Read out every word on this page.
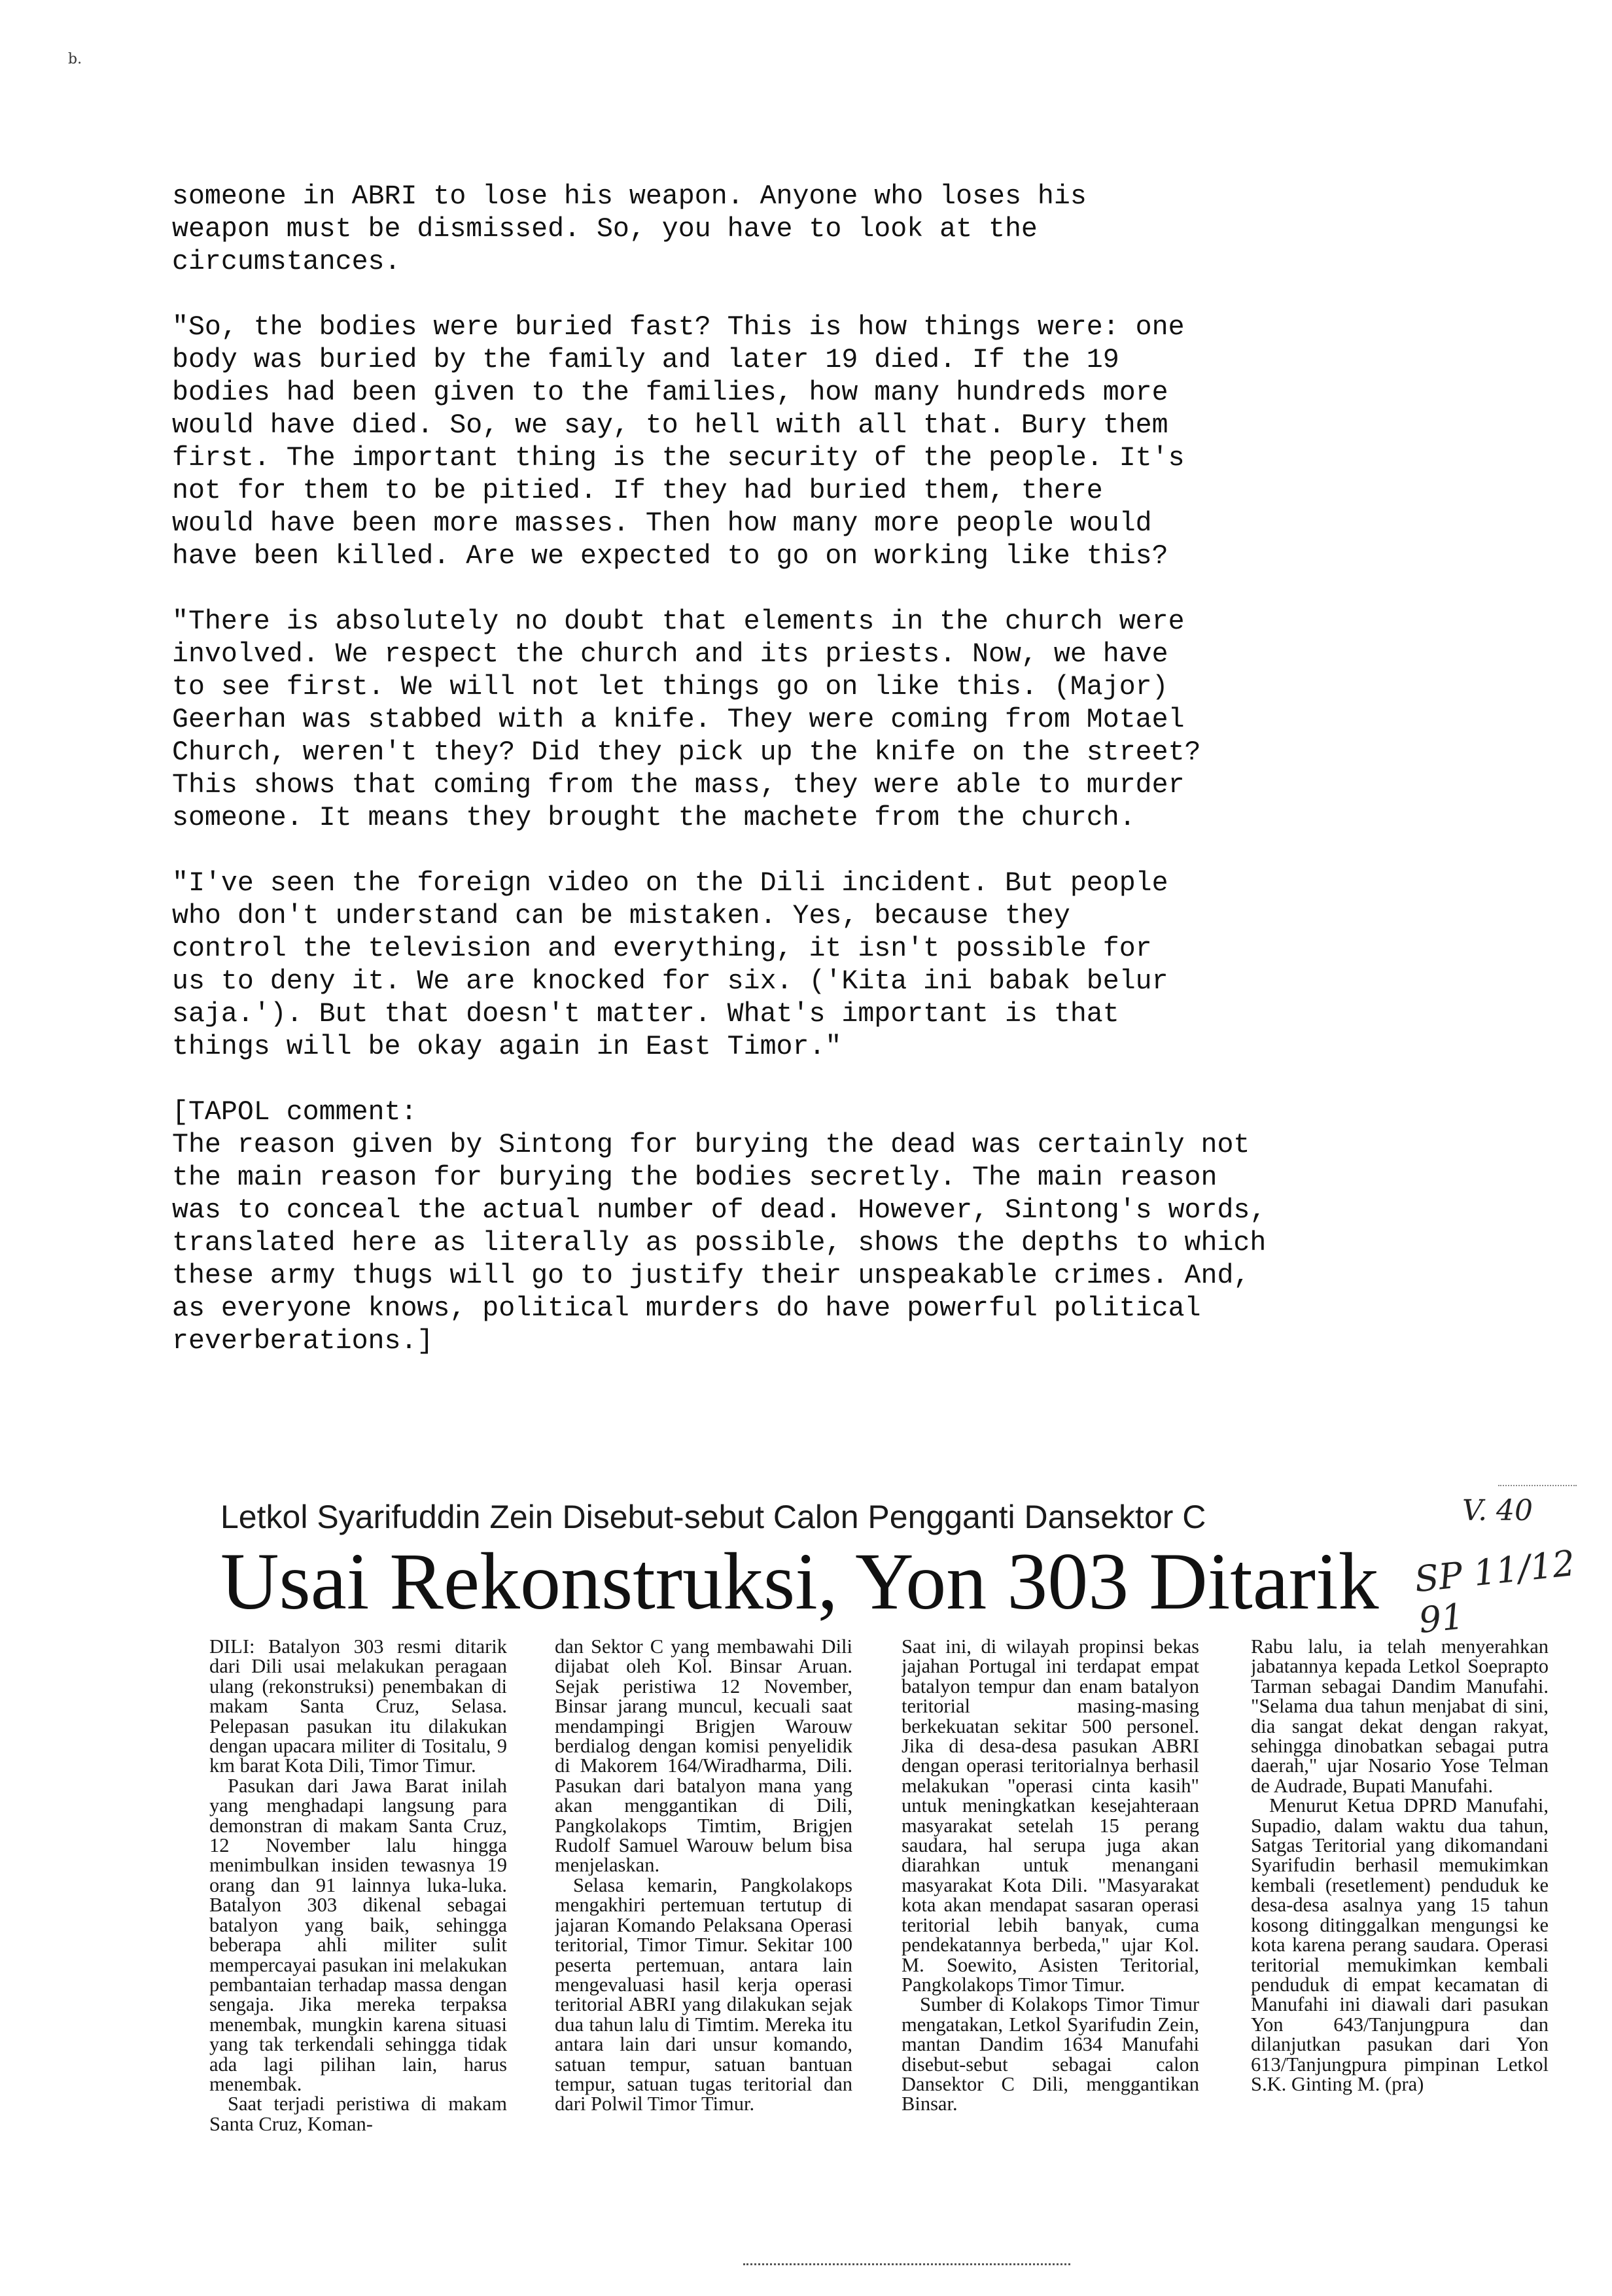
b.

someone in ABRI to lose his weapon. Anyone who loses his
weapon must be dismissed. So, you have to look at the
circumstances.

"So, the bodies were buried fast? This is how things were: one
body was buried by the family and later 19 died. If the 19
bodies had been given to the families, how many hundreds more
would have died. So, we say, to hell with all that. Bury them
first. The important thing is the security of the people. It's
not for them to be pitied. If they had buried them, there
would have been more masses. Then how many more people would
have been killed. Are we expected to go on working like this?

"There is absolutely no doubt that elements in the church were
involved. We respect the church and its priests. Now, we have
to see first. We will not let things go on like this. (Major)
Geerhan was stabbed with a knife. They were coming from Motael
Church, weren't they? Did they pick up the knife on the street?
This shows that coming from the mass, they were able to murder
someone. It means they brought the machete from the church.

"I've seen the foreign video on the Dili incident. But people
who don't understand can be mistaken. Yes, because they
control the television and everything, it isn't possible for
us to deny it. We are knocked for six. ('Kita ini babak belur
saja.'). But that doesn't matter. What's important is that
things will be okay again in East Timor."

[TAPOL comment:
The reason given by Sintong for burying the dead was certainly not
the main reason for burying the bodies secretly. The main reason
was to conceal the actual number of dead. However, Sintong's words,
translated here as literally as possible, shows the depths to which
these army thugs will go to justify their unspeakable crimes. And,
as everyone knows, political murders do have powerful political
reverberations.]

Letkol Syarifuddin Zein Disebut-sebut Calon Pengganti Dansektor C	V. 40
Usai Rekonstruksi, Yon 303 Ditarik SP 11/12 91

DILI: Batalyon 303 resmi ditarik dari Dili usai melakukan peragaan ulang (rekonstruksi) penembakan di makam Santa Cruz, Selasa. Pelepasan pasukan itu dilakukan dengan upacara militer di Tositalu, 9 km barat Kota Dili, Timor Timur.

Pasukan dari Jawa Barat inilah yang menghadapi langsung para demonstran di makam Santa Cruz, 12 November lalu hingga menimbulkan insiden tewasnya 19 orang dan 91 lainnya luka-luka. Batalyon 303 dikenal sebagai batalyon yang baik, sehingga beberapa ahli militer sulit mempercayai pasukan ini melakukan pembantaian terhadap massa dengan sengaja. Jika mereka terpaksa menembak, mungkin karena situasi yang tak terkendali sehingga tidak ada lagi pilihan lain, harus menembak.

Saat terjadi peristiwa di makam Santa Cruz, Koman-

dan Sektor C yang membawahi Dili dijabat oleh Kol. Binsar Aruan. Sejak peristiwa 12 November, Binsar jarang muncul, kecuali saat mendampingi Brigjen Warouw berdialog dengan komisi penyelidik di Makorem 164/Wiradharma, Dili. Pasukan dari batalyon mana yang akan menggantikan di Dili, Pangkolakops Timtim, Brigjen Rudolf Samuel Warouw belum bisa menjelaskan.

Selasa kemarin, Pangkolakops mengakhiri pertemuan tertutup di jajaran Komando Pelaksana Operasi teritorial, Timor Timur. Sekitar 100 peserta pertemuan, antara lain mengevaluasi hasil kerja operasi teritorial ABRI yang dilakukan sejak dua tahun lalu di Timtim. Mereka itu antara lain dari unsur komando, satuan tempur, satuan bantuan tempur, satuan tugas teritorial dan dari Polwil Timor Timur.

Saat ini, di wilayah propinsi bekas jajahan Portugal ini terdapat empat batalyon tempur dan enam batalyon teritorial masing-masing berkekuatan sekitar 500 personel. Jika di desa-desa pasukan ABRI dengan operasi teritorialnya berhasil melakukan "operasi cinta kasih" untuk meningkatkan kesejahteraan masyarakat setelah 15 perang saudara, hal serupa juga akan diarahkan untuk menangani masyarakat Kota Dili. "Masyarakat kota akan mendapat sasaran operasi teritorial lebih banyak, cuma pendekatannya berbeda," ujar Kol. M. Soewito, Asisten Teritorial, Pangkolakops Timor Timur.

Sumber di Kolakops Timor Timur mengatakan, Letkol Syarifudin Zein, mantan Dandim 1634 Manufahi disebut-sebut sebagai calon Dansektor C Dili, menggantikan Binsar.

Rabu lalu, ia telah menyerahkan jabatannya kepada Letkol Soeprapto Tarman sebagai Dandim Manufahi. "Selama dua tahun menjabat di sini, dia sangat dekat dengan rakyat, sehingga dinobatkan sebagai putra daerah," ujar Nosario Yose Telman de Audrade, Bupati Manufahi.

Menurut Ketua DPRD Manufahi, Supadio, dalam waktu dua tahun, Satgas Teritorial yang dikomandani Syarifudin berhasil memukimkan kembali (resetlement) penduduk ke desa-desa asalnya yang 15 tahun kosong ditinggalkan mengungsi ke kota karena perang saudara. Operasi teritorial memukimkan kembali penduduk di empat kecamatan di Manufahi ini diawali dari pasukan Yon 643/Tanjungpura dan dilanjutkan pasukan dari Yon 613/Tanjungpura pimpinan Letkol S.K. Ginting M. (pra)
